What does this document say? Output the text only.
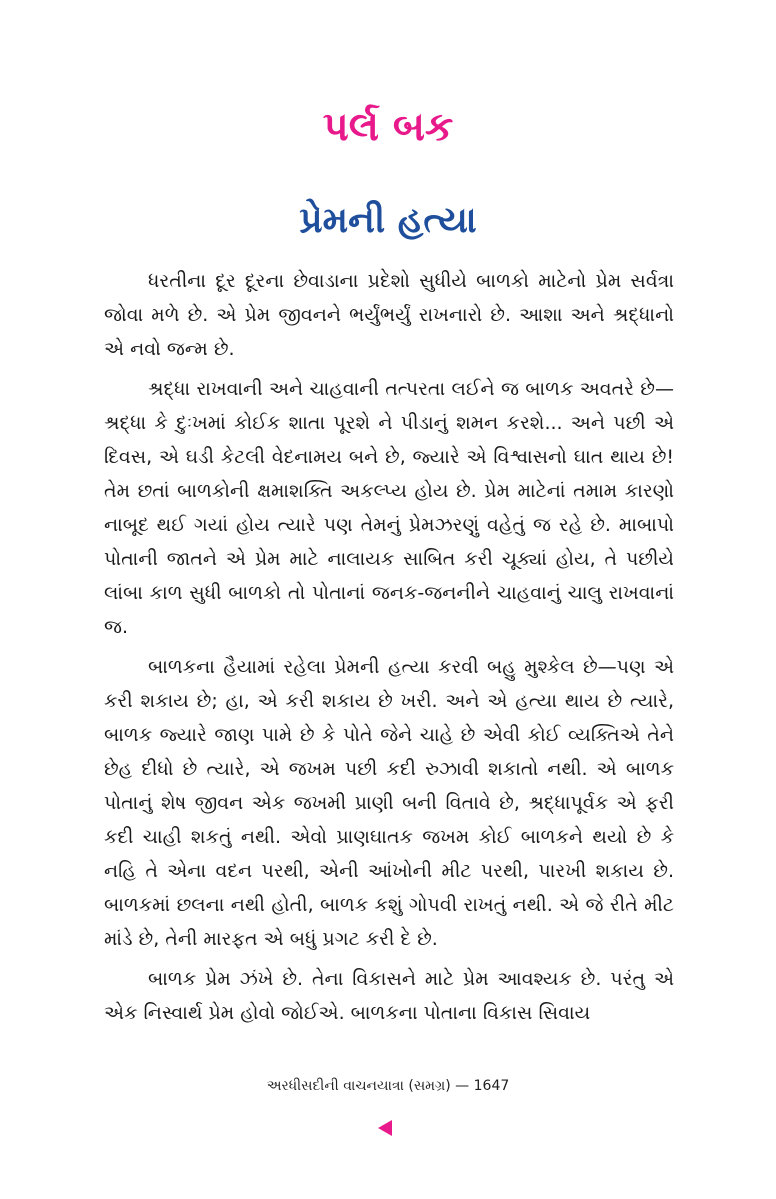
પર્લ બક
પ્રેમની હત્યા

ધરતીના દૂર દૂરના છેવાડાના પ્રદેશો સુધીયે બાળકો માટેનો પ્રેમ સર્વત્રા જોવા મળે છે. એ પ્રેમ જીવનને ભર્યુંભર્યું રાખનારો છે. આશા અને શ્રદ્ધાનો એ નવો જન્મ છે.

શ્રદ્ધા રાખવાની અને ચાહવાની તત્પરતા લઈને જ બાળક અવતરે છે—શ્રદ્ધા કે દુઃખમાં કોઈક શાતા પૂરશે ને પીડાનું શમન કરશે... અને પછી એ દિવસ, એ ઘડી કેટલી વેદનામય બને છે, જ્યારે એ વિશ્વાસનો ઘાત થાય છે! તેમ છતાં બાળકોની ક્ષમાશક્તિ અકલ્પ્ય હોય છે. પ્રેમ માટેનાં તમામ કારણો નાબૂદ થઈ ગયાં હોય ત્યારે પણ તેમનું પ્રેમઝરણું વહેતું જ રહે છે. માબાપો પોતાની જાતને એ પ્રેમ માટે નાલાયક સાબિત કરી ચૂક્યાં હોય, તે પછીયે લાંબા કાળ સુધી બાળકો તો પોતાનાં જનક-જનનીને ચાહવાનું ચાલુ રાખવાનાં જ.

બાળકના હૈયામાં રહેલા પ્રેમની હત્યા કરવી બહુ મુશ્કેલ છે—પણ એ કરી શકાય છે; હા, એ કરી શકાય છે ખરી. અને એ હત્યા થાય છે ત્યારે, બાળક જ્યારે જાણ પામે છે કે પોતે જેને ચાહે છે એવી કોઈ વ્યક્તિએ તેને છેહ દીધો છે ત્યારે, એ જખમ પછી કદી રુઝાવી શકાતો નથી. એ બાળક પોતાનું શેષ જીવન એક જખમી પ્રાણી બની વિતાવે છે, શ્રદ્ધાપૂર્વક એ ફરી કદી ચાહી શકતું નથી. એવો પ્રાણઘાતક જખમ કોઈ બાળકને થયો છે કે નહિ તે એના વદન પરથી, એની આંખોની મીટ પરથી, પારખી શકાય છે. બાળકમાં છલના નથી હોતી, બાળક કશું ગોપવી રાખતું નથી. એ જે રીતે મીટ માંડે છે, તેની મારફત એ બધું પ્રગટ કરી દે છે.

બાળક પ્રેમ ઝંખે છે. તેના વિકાસને માટે પ્રેમ આવશ્યક છે. પરંતુ એ એક નિસ્વાર્થ પ્રેમ હોવો જોઈએ. બાળકના પોતાના વિકાસ સિવાય

અરધીસદીની વાચનયાત્રા (સમગ્ર) — 1647
